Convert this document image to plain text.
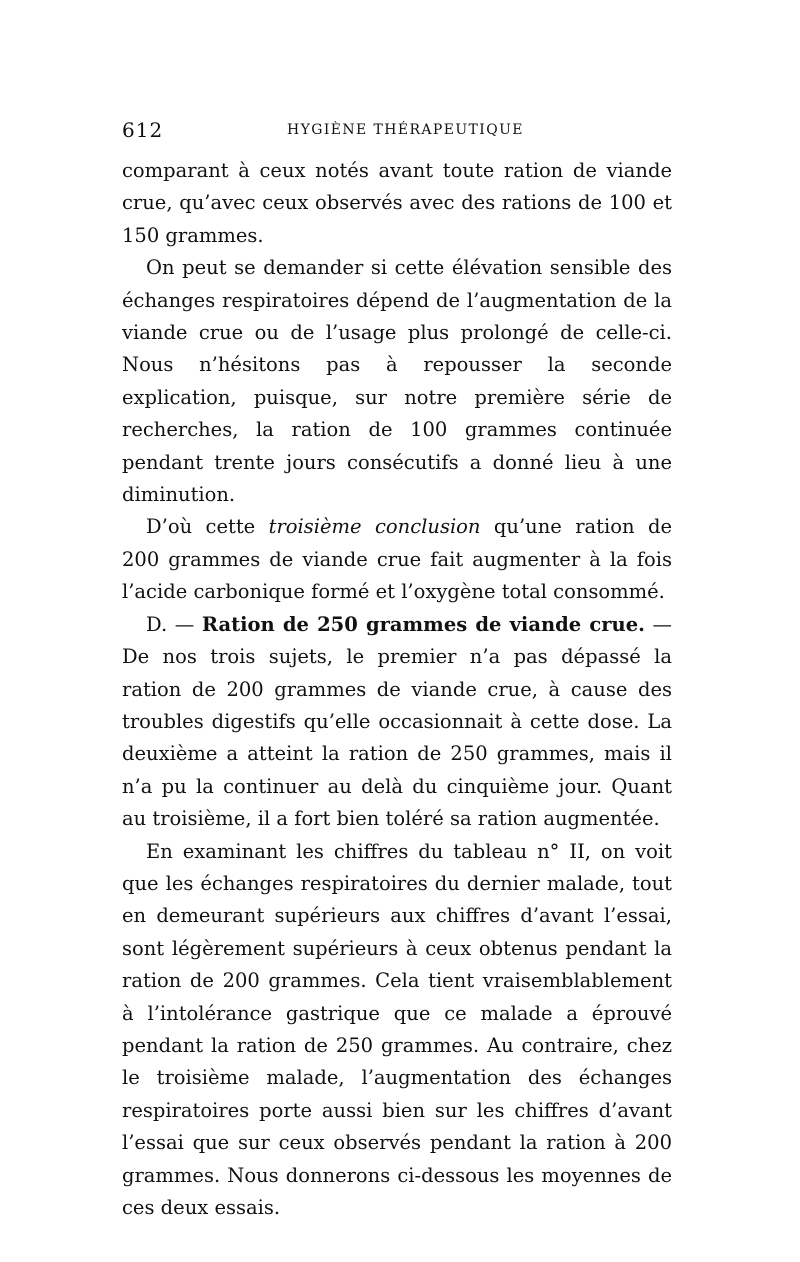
612	HYGIÈNE THÉRAPEUTIQUE

comparant à ceux notés avant toute ration de viande crue, qu’avec ceux observés avec des rations de 100 et 150 grammes.

On peut se demander si cette élévation sensible des échanges respiratoires dépend de l’augmentation de la viande crue ou de l’usage plus prolongé de celle-ci. Nous n’hésitons pas à repousser la seconde explication, puisque, sur notre première série de recherches, la ration de 100 grammes continuée pendant trente jours consécutifs a donné lieu à une diminution.

D’où cette troisième conclusion qu’une ration de 200 grammes de viande crue fait augmenter à la fois l’acide carbonique formé et l’oxygène total consommé.

D. — Ration de 250 grammes de viande crue. — De nos trois sujets, le premier n’a pas dépassé la ration de 200 grammes de viande crue, à cause des troubles digestifs qu’elle occasionnait à cette dose. La deuxième a atteint la ration de 250 grammes, mais il n’a pu la continuer au delà du cinquième jour. Quant au troisième, il a fort bien toléré sa ration augmentée.

En examinant les chiffres du tableau n° II, on voit que les échanges respiratoires du dernier malade, tout en demeurant supérieurs aux chiffres d’avant l’essai, sont légèrement supérieurs à ceux obtenus pendant la ration de 200 grammes. Cela tient vraisemblablement à l’intolérance gastrique que ce malade a éprouvé pendant la ration de 250 grammes. Au contraire, chez le troisième malade, l’augmentation des échanges respiratoires porte aussi bien sur les chiffres d’avant l’essai que sur ceux observés pendant la ration à 200 grammes. Nous donnerons ci-dessous les moyennes de ces deux essais.
